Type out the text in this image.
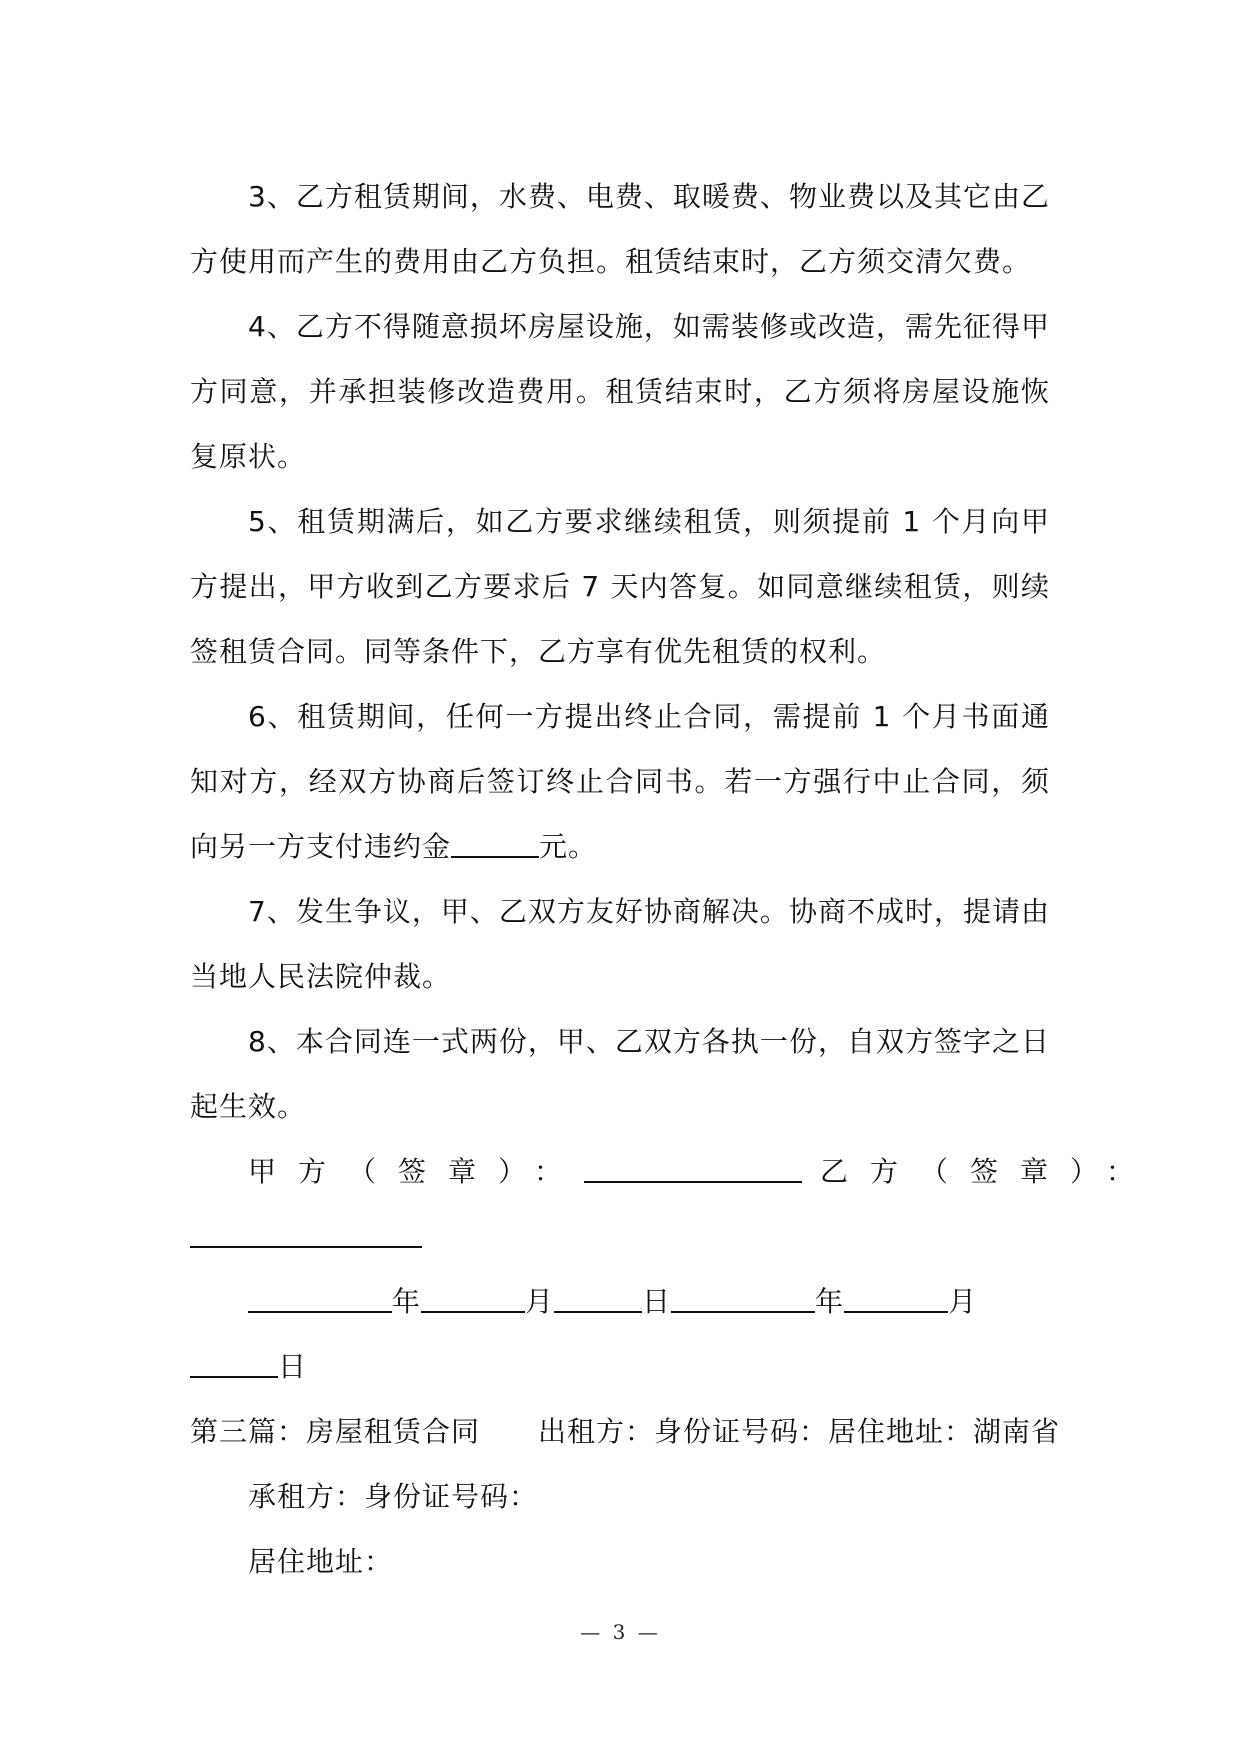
3、乙方租赁期间，水费、电费、取暖费、物业费以及其它由乙方使用而产生的费用由乙方负担。租赁结束时，乙方须交清欠费。

4、乙方不得随意损坏房屋设施，如需装修或改造，需先征得甲方同意，并承担装修改造费用。租赁结束时，乙方须将房屋设施恢复原状。

5、租赁期满后，如乙方要求继续租赁，则须提前 1 个月向甲方提出，甲方收到乙方要求后 7 天内答复。如同意继续租赁，则续签租赁合同。同等条件下，乙方享有优先租赁的权利。

6、租赁期间，任何一方提出终止合同，需提前 1 个月书面通知对方，经双方协商后签订终止合同书。若一方强行中止合同，须向另一方支付违约金	元。

7、发生争议，甲、乙双方友好协商解决。协商不成时，提请由当地人民法院仲裁。

8、本合同连一式两份，甲、乙双方各执一份，自双方签字之日起生效。

甲方（签章）：	乙方（签章）：
年	月	日	年	月
日
第三篇：房屋租赁合同 出租方：身份证号码：居住地址：湖南省

承租方：身份证号码：

居住地址：

— 3 —
